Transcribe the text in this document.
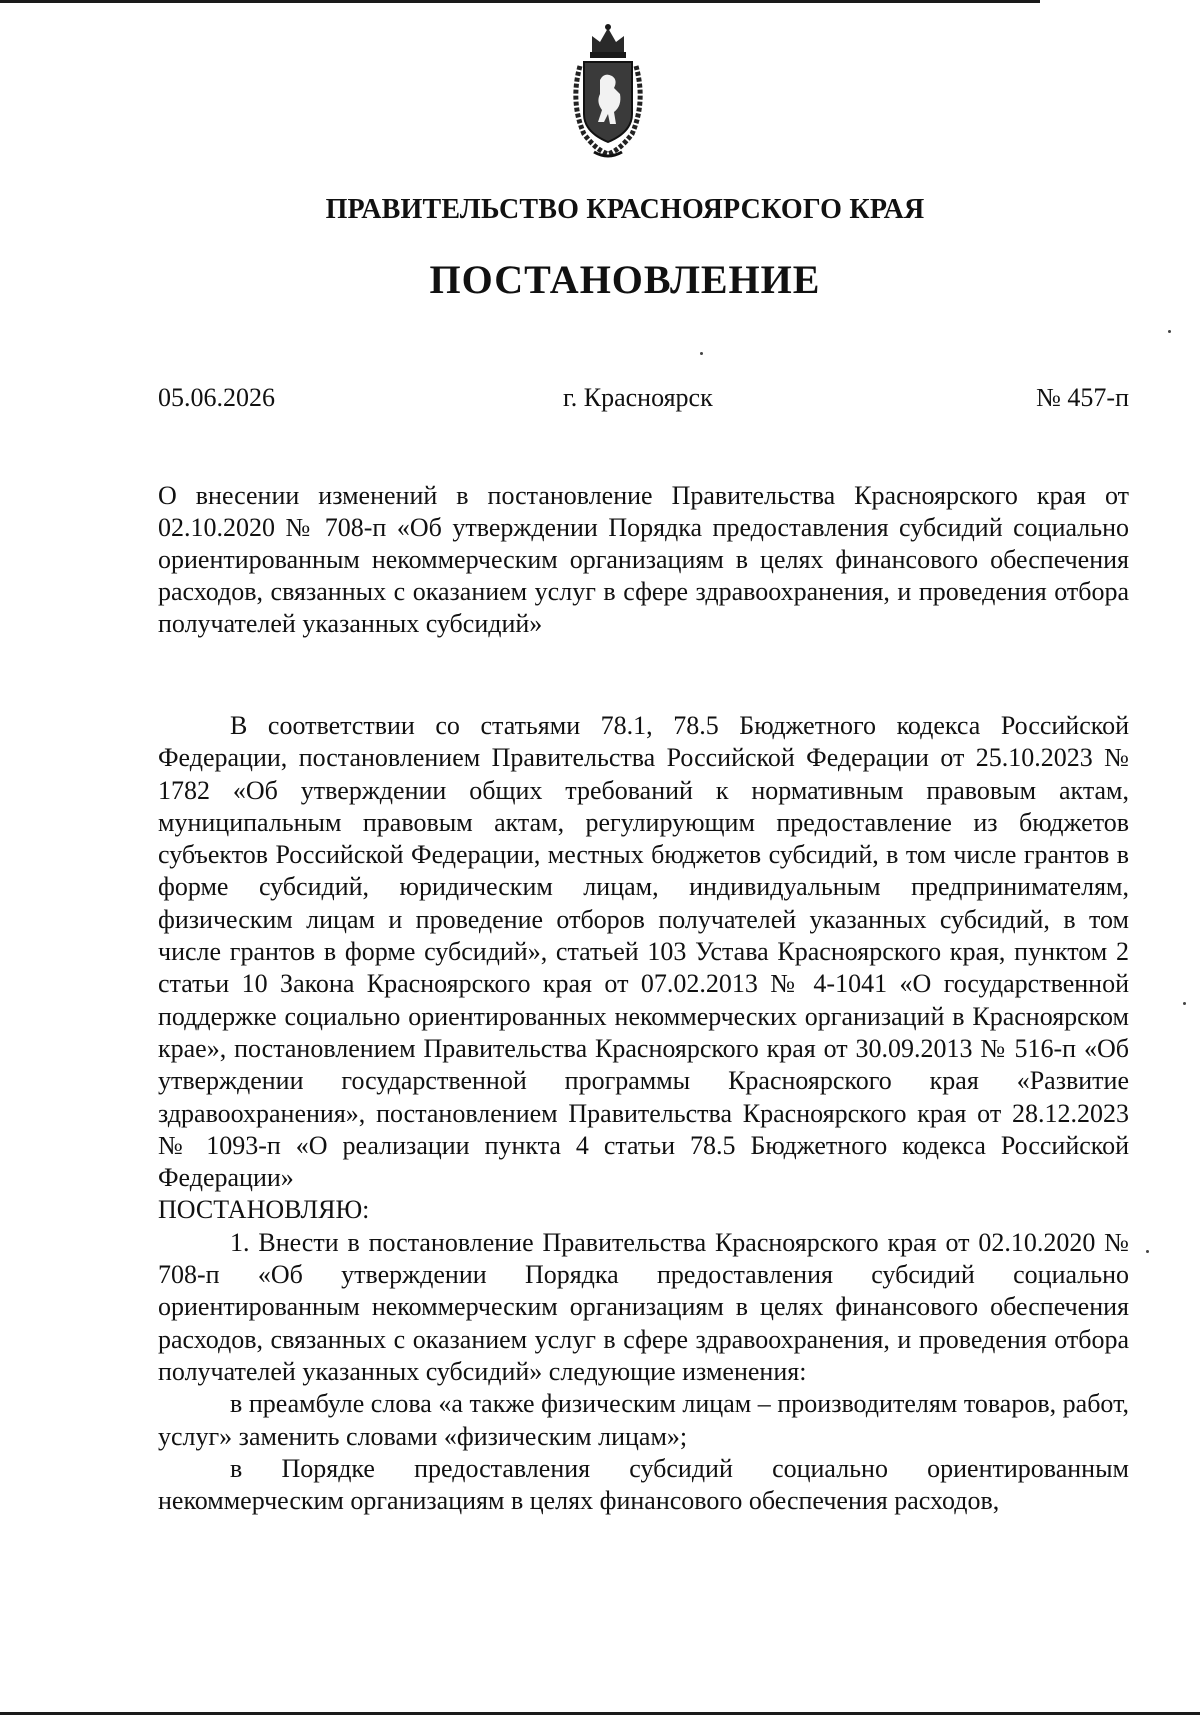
ПРАВИТЕЛЬСТВО КРАСНОЯРСКОГО КРАЯ
ПОСТАНОВЛЕНИЕ
05.06.2026	г. Красноярск	№ 457-п
О внесении изменений в постановление Правительства Красноярского края от 02.10.2020 № 708-п «Об утверждении Порядка предоставления субсидий социально ориентированным некоммерческим организациям в целях финансового обеспечения расходов, связанных с оказанием услуг в сфере здравоохранения, и проведения отбора получателей указанных субсидий»

В соответствии со статьями 78.1, 78.5 Бюджетного кодекса Российской Федерации, постановлением Правительства Российской Федерации от 25.10.2023 № 1782 «Об утверждении общих требований к нормативным правовым актам, муниципальным правовым актам, регулирующим предоставление из бюджетов субъектов Российской Федерации, местных бюджетов субсидий, в том числе грантов в форме субсидий, юридическим лицам, индивидуальным предпринимателям, физическим лицам и проведение отборов получателей указанных субсидий, в том числе грантов в форме субсидий», статьей 103 Устава Красноярского края, пунктом 2 статьи 10 Закона Красноярского края от 07.02.2013 № 4-1041 «О государственной поддержке социально ориентированных некоммерческих организаций в Красноярском крае», постановлением Правительства Красноярского края от 30.09.2013 № 516-п «Об утверждении государственной программы Красноярского края «Развитие здравоохранения», постановлением Правительства Красноярского края от 28.12.2023 № 1093-п «О реализации пункта 4 статьи 78.5 Бюджетного кодекса Российской Федерации»

ПОСТАНОВЛЯЮ:

1. Внести в постановление Правительства Красноярского края от 02.10.2020 № 708-п «Об утверждении Порядка предоставления субсидий социально ориентированным некоммерческим организациям в целях финансового обеспечения расходов, связанных с оказанием услуг в сфере здравоохранения, и проведения отбора получателей указанных субсидий» следующие изменения:

в преамбуле слова «а также физическим лицам – производителям товаров, работ, услуг» заменить словами «физическим лицам»;

в Порядке предоставления субсидий социально ориентированным некоммерческим организациям в целях финансового обеспечения расходов,
